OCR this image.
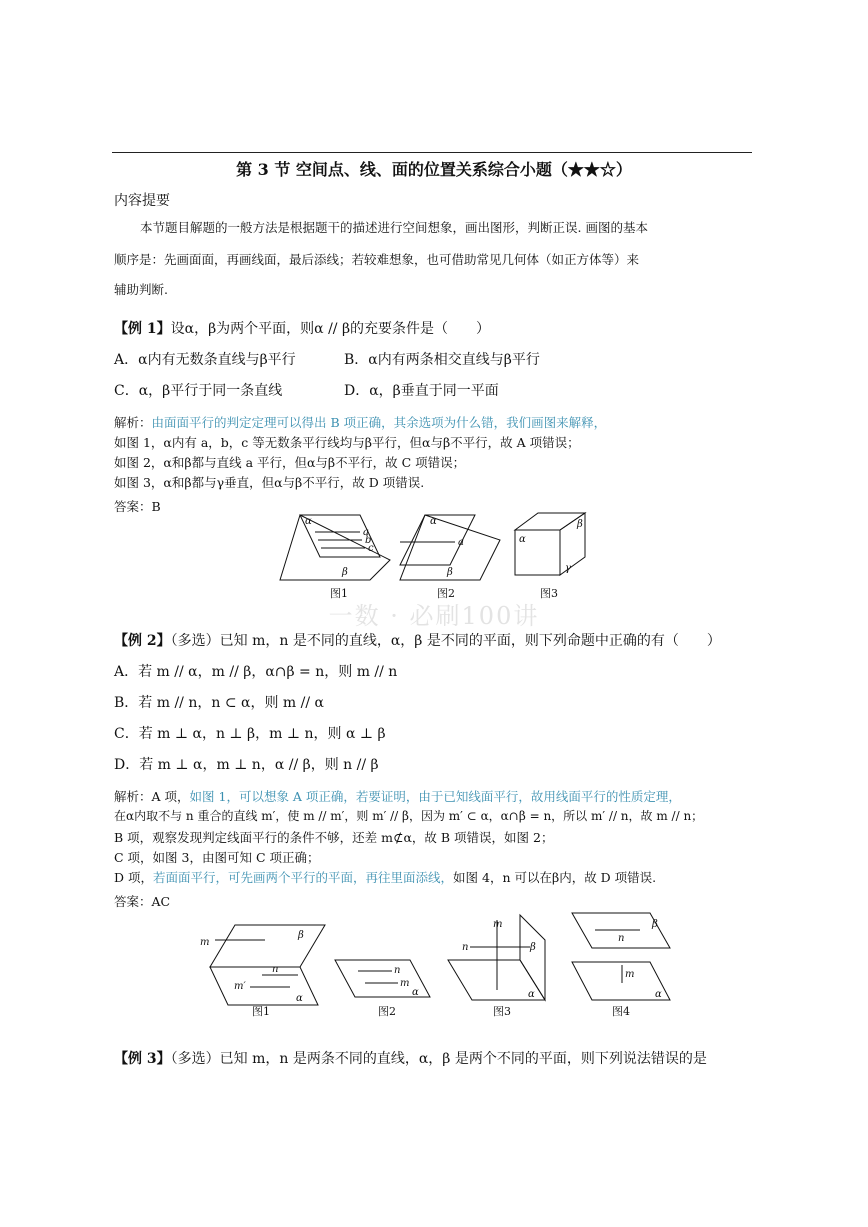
第 3 节 空间点、线、面的位置关系综合小题（★★☆）
内容提要
本节题目解题的一般方法是根据题干的描述进行空间想象，画出图形，判断正误. 画图的基本
顺序是：先画面面，再画线面，最后添线；若较难想象，也可借助常见几何体（如正方体等）来
辅助判断.
【例 1】设α，β为两个平面，则α // β的充要条件是（　　）
A．α内有无数条直线与β平行	B．α内有两条相交直线与β平行
C．α，β平行于同一条直线	D．α，β垂直于同一平面
解析：由面面平行的判定定理可以得出 B 项正确，其余选项为什么错，我们画图来解释，
如图 1，α内有 a，b，c 等无数条平行线均与β平行，但α与β不平行，故 A 项错误；
如图 2，α和β都与直线 a 平行，但α与β不平行，故 C 项错误；
如图 3，α和β都与γ垂直，但α与β不平行，故 D 项错误.
答案：B
α
a
b
c
β
图1
α
a
β
图2
α
β
γ
图3
一数 · 必刷100讲
【例 2】（多选）已知 m，n 是不同的直线，α，β 是不同的平面，则下列命题中正确的有（　　）
A．若 m // α，m // β，α∩β = n，则 m // n
B．若 m // n，n ⊂ α，则 m // α
C．若 m ⊥ α，n ⊥ β，m ⊥ n，则 α ⊥ β
D．若 m ⊥ α，m ⊥ n，α // β，则 n // β
解析：A 项，如图 1，可以想象 A 项正确，若要证明，由于已知线面平行，故用线面平行的性质定理，
在α内取不与 n 重合的直线 m′，使 m // m′，则 m′ // β，因为 m′ ⊂ α，α∩β = n，所以 m′ // n，故 m // n；
B 项，观察发现判定线面平行的条件不够，还差 m⊄α，故 B 项错误，如图 2；
C 项，如图 3，由图可知 C 项正确；
D 项，若面面平行，可先画两个平行的平面，再往里面添线，如图 4，n 可以在β内，故 D 项错误.
答案：AC
m
β
n
m′
α
图1
n
m
α
图2
m
n	β
α
图3
β
n
m
α
图4
【例 3】（多选）已知 m，n 是两条不同的直线，α，β 是两个不同的平面，则下列说法错误的是
